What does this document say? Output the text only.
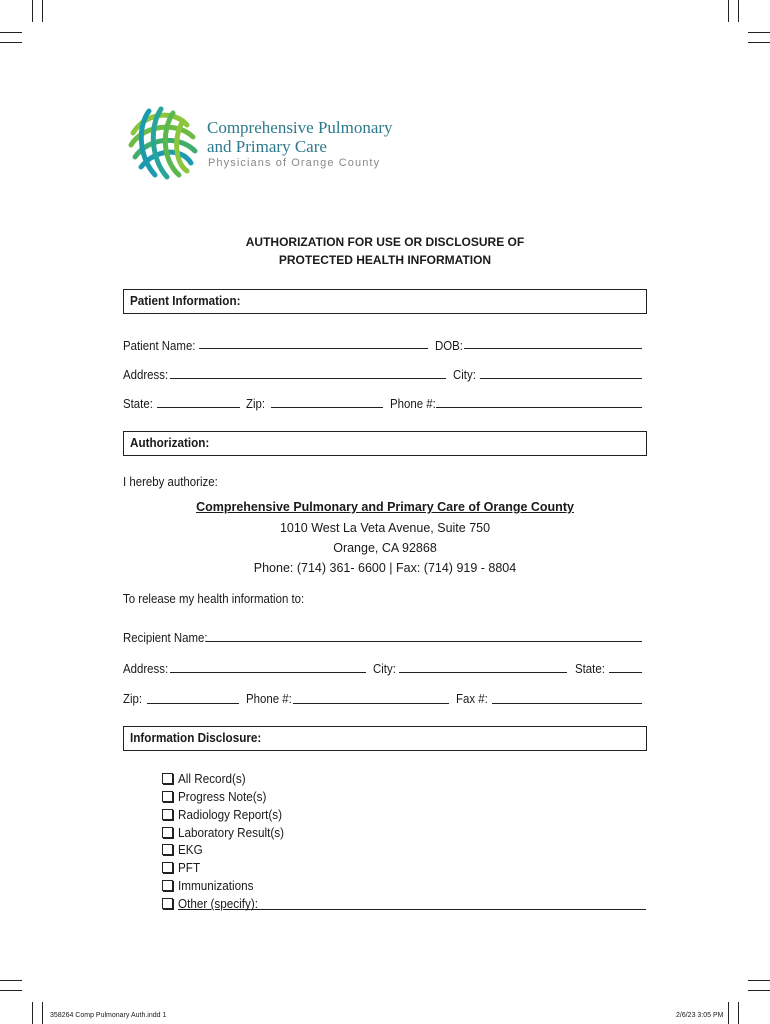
Comprehensive Pulmonary
and Primary Care
Physicians of Orange County
AUTHORIZATION FOR USE OR DISCLOSURE OF
PROTECTED HEALTH INFORMATION
Patient Information:
Patient Name:	DOB:
Address:	City:
State:	Zip:	Phone #:
Authorization:
I hereby authorize:
Comprehensive Pulmonary and Primary Care of Orange County
1010 West La Veta Avenue, Suite 750
Orange, CA 92868
Phone: (714) 361- 6600 | Fax: (714) 919 - 8804
To release my health information to:
Recipient Name:
Address:	City:	State:
Zip:	Phone #:	Fax #:
Information Disclosure:
All Record(s)
Progress Note(s)
Radiology Report(s)
Laboratory Result(s)
EKG
PFT
Immunizations
Other (specify):
358264 Comp Pulmonary Auth.indd 1	2/6/23 3:05 PM
